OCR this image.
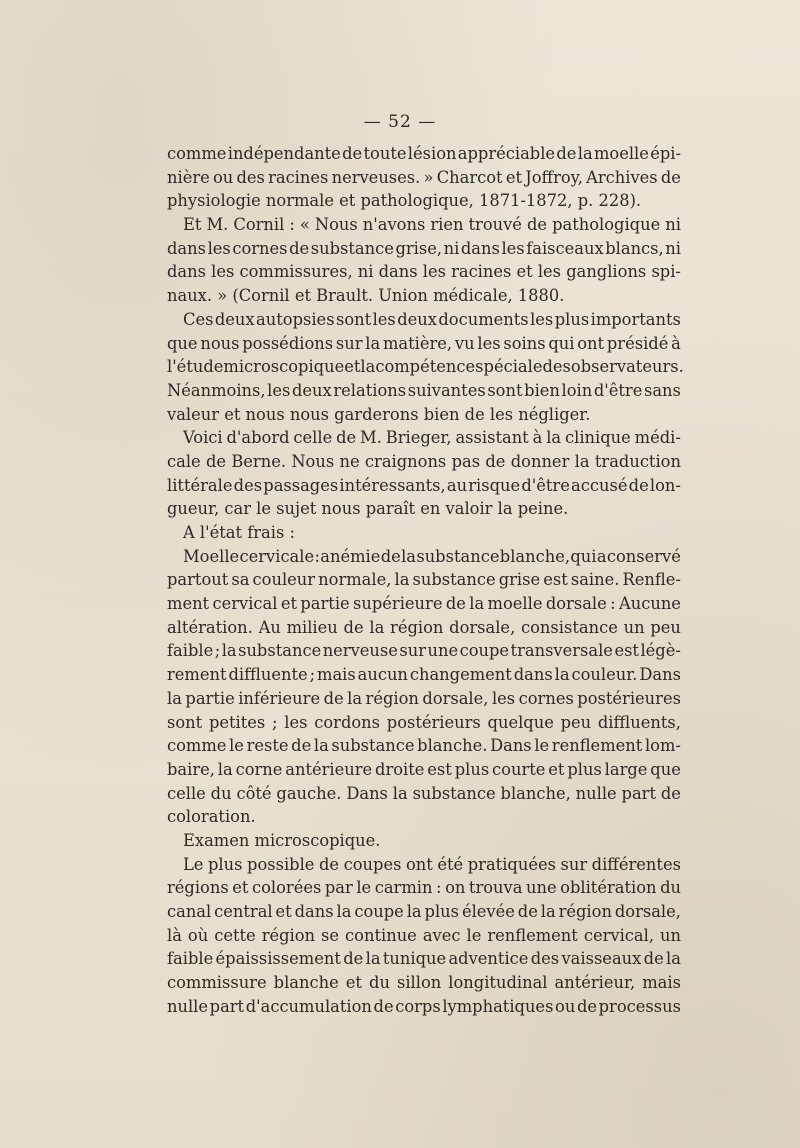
— 52 —
comme indépendante de toute lésion appréciable de la moelle épi-
nière ou des racines nerveuses. » Charcot et Joffroy, Archives de
physiologie normale et pathologique, 1871-1872, p. 228).
Et M. Cornil : « Nous n'avons rien trouvé de pathologique ni
dans les cornes de substance grise, ni dans les faisceaux blancs, ni
dans les commissures, ni dans les racines et les ganglions spi-
naux. » (Cornil et Brault. Union médicale, 1880.
Ces deux autopsies sont les deux documents les plus importants
que nous possédions sur la matière, vu les soins qui ont présidé à
l'étude microscopique et la compétence spéciale des observateurs.
Néanmoins, les deux relations suivantes sont bien loin d'être sans
valeur et nous nous garderons bien de les négliger.
Voici d'abord celle de M. Brieger, assistant à la clinique médi-
cale de Berne. Nous ne craignons pas de donner la traduction
littérale des passages intéressants, au risque d'être accusé de lon-
gueur, car le sujet nous paraît en valoir la peine.
A l'état frais :
Moelle cervicale : anémie de la substance blanche, qui a conservé
partout sa couleur normale, la substance grise est saine. Renfle-
ment cervical et partie supérieure de la moelle dorsale : Aucune
altération. Au milieu de la région dorsale, consistance un peu
faible ; la substance nerveuse sur une coupe transversale est légè-
rement diffluente ; mais aucun changement dans la couleur. Dans
la partie inférieure de la région dorsale, les cornes postérieures
sont petites ; les cordons postérieurs quelque peu diffluents,
comme le reste de la substance blanche. Dans le renflement lom-
baire, la corne antérieure droite est plus courte et plus large que
celle du côté gauche. Dans la substance blanche, nulle part de
coloration.
Examen microscopique.
Le plus possible de coupes ont été pratiquées sur différentes
régions et colorées par le carmin : on trouva une oblitération du
canal central et dans la coupe la plus élevée de la région dorsale,
là où cette région se continue avec le renflement cervical, un
faible épaississement de la tunique adventice des vaisseaux de la
commissure blanche et du sillon longitudinal antérieur, mais
nulle part d'accumulation de corps lymphatiques ou de processus
